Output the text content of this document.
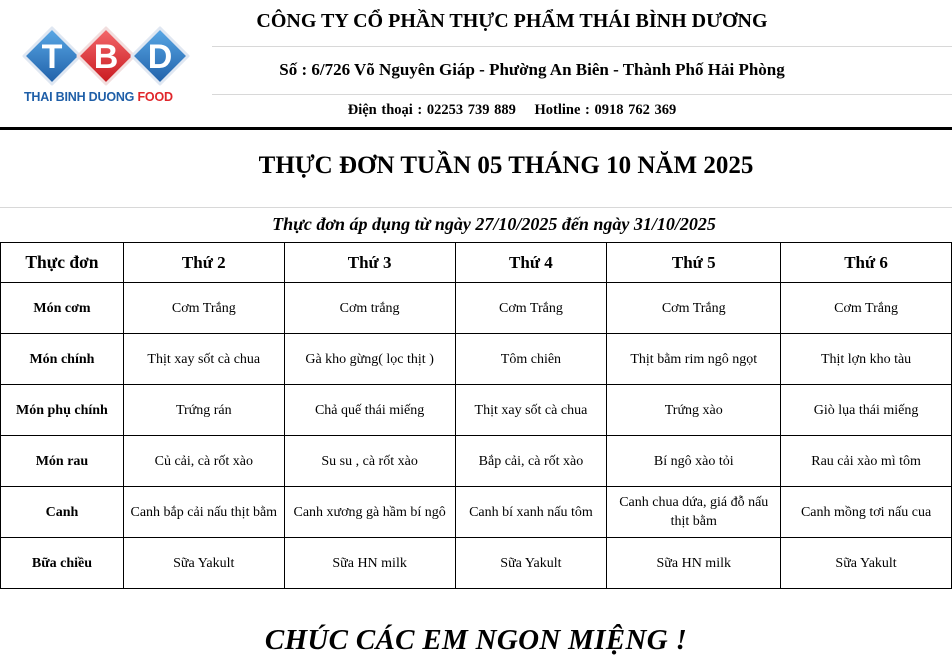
T B D
THAI BINH DUONG FOOD
CÔNG TY CỔ PHẦN THỰC PHẨM THÁI BÌNH DƯƠNG
Số : 6/726 Võ Nguyên Giáp - Phường An Biên - Thành Phố Hải Phòng
Điện thoại : 02253 739 889 Hotline : 0918 762 369
THỰC ĐƠN TUẦN 05 THÁNG 10 NĂM 2025
Thực đơn áp dụng từ ngày 27/10/2025 đến ngày 31/10/2025
Thực đơn	Thứ 2	Thứ 3	Thứ 4	Thứ 5	Thứ 6
Món cơm	Cơm Trắng	Cơm trắng	Cơm Trắng	Cơm Trắng	Cơm Trắng
Món chính	Thịt xay sốt cà chua	Gà kho gừng( lọc thịt )	Tôm chiên	Thịt bằm rim ngô ngọt	Thịt lợn kho tàu
Món phụ chính	Trứng rán	Chả quế thái miếng	Thịt xay sốt cà chua	Trứng xào	Giò lụa thái miếng
Món rau	Củ cải, cà rốt xào	Su su , cà rốt xào	Bắp cải, cà rốt xào	Bí ngô xào tỏi	Rau cải xào mì tôm
Canh	Canh bắp cải nấu thịt bằm	Canh xương gà hầm bí ngô	Canh bí xanh nấu tôm	Canh chua dứa, giá đỗ nấu thịt bằm	Canh mồng tơi nấu cua
Bữa chiều	Sữa Yakult	Sữa HN milk	Sữa Yakult	Sữa HN milk	Sữa Yakult
CHÚC CÁC EM NGON MIỆNG !
